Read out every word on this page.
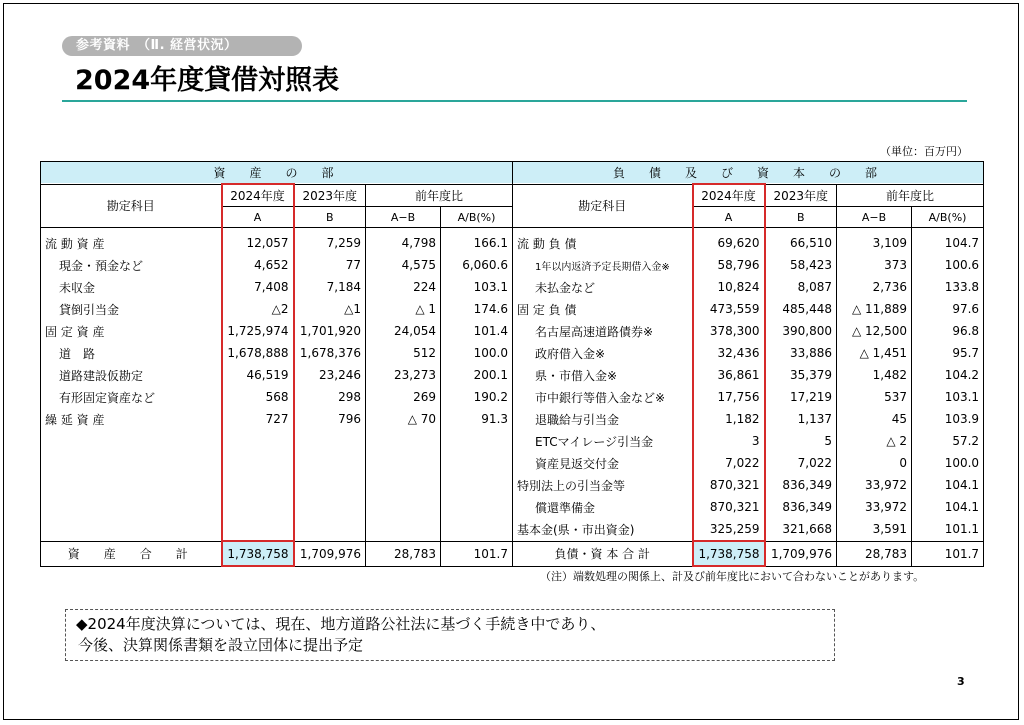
参考資料　（Ⅱ. 経営状況）
2024年度貸借対照表
（単位：百万円）
資　産　の　部					負　債　及　び　資　本　の　部				
勘定科目	2024年度	2023年度	前年度比		勘定科目	2024年度	2023年度	前年度比	
	A	B	A−B	A/B(%)		A	B	A−B	A/B(%)
流 動 資 産	12,057	7,259	4,798	166.1	流 動 負 債	69,620	66,510	3,109	104.7
現金・預金など	4,652	77	4,575	6,060.6	1年以内返済予定長期借入金※	58,796	58,423	373	100.6
未収金	7,408	7,184	224	103.1	未払金など	10,824	8,087	2,736	133.8
貸倒引当金	△2	△1	△ 1	174.6	固 定 負 債	473,559	485,448	△ 11,889	97.6
固 定 資 産	1,725,974	1,701,920	24,054	101.4	名古屋高速道路債券※	378,300	390,800	△ 12,500	96.8
道　路	1,678,888	1,678,376	512	100.0	政府借入金※	32,436	33,886	△ 1,451	95.7
道路建設仮勘定	46,519	23,246	23,273	200.1	県・市借入金※	36,861	35,379	1,482	104.2
有形固定資産など	568	298	269	190.2	市中銀行等借入金など※	17,756	17,219	537	103.1
繰 延 資 産	727	796	△ 70	91.3	退職給与引当金	1,182	1,137	45	103.9
					ETCマイレージ引当金	3	5	△ 2	57.2
					資産見返交付金	7,022	7,022	0	100.0
					特別法上の引当金等	870,321	836,349	33,972	104.1
					償還準備金	870,321	836,349	33,972	104.1
					基本金(県・市出資金)	325,259	321,668	3,591	101.1
資　産　合　計	1,738,758	1,709,976	28,783	101.7	負債・資 本 合 計	1,738,758	1,709,976	28,783	101.7
（注）端数処理の関係上、計及び前年度比において合わないことがあります。
◆2024年度決算については、現在、地方道路公社法に基づく手続き中であり、
今後、決算関係書類を設立団体に提出予定
3
